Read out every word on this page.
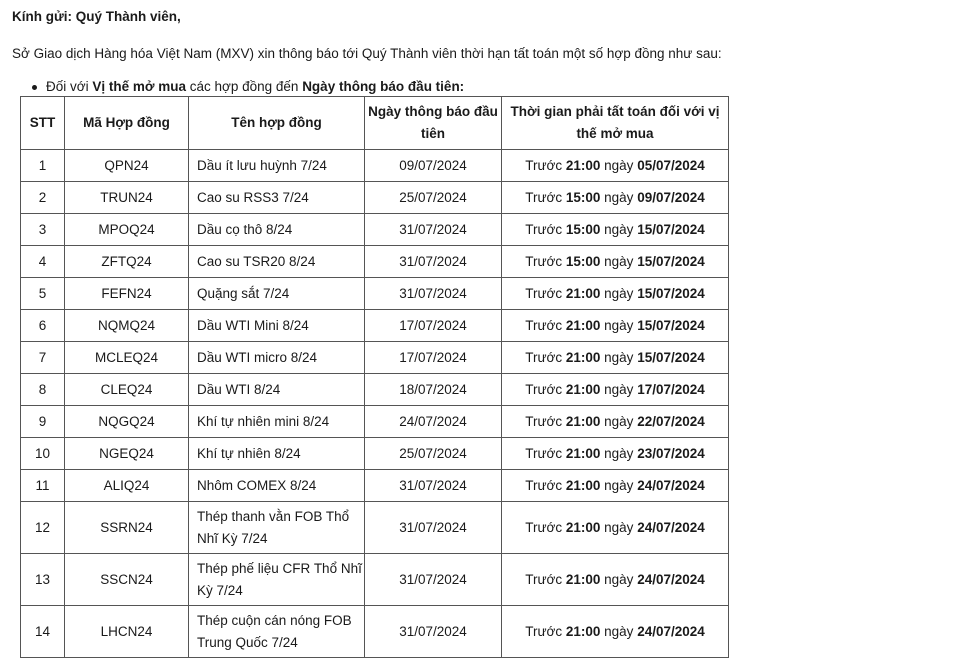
Kính gửi: Quý Thành viên,

Sở Giao dịch Hàng hóa Việt Nam (MXV) xin thông báo tới Quý Thành viên thời hạn tất toán một số hợp đồng như sau:

Đối với Vị thế mở mua các hợp đồng đến Ngày thông báo đầu tiên:
STT	Mã Hợp đồng	Tên hợp đồng	Ngày thông báo đầu tiên	Thời gian phải tất toán đối với vị thế mở mua
1	QPN24	Dầu ít lưu huỳnh 7/24	09/07/2024	Trước 21:00 ngày 05/07/2024
2	TRUN24	Cao su RSS3 7/24	25/07/2024	Trước 15:00 ngày 09/07/2024
3	MPOQ24	Dầu cọ thô 8/24	31/07/2024	Trước 15:00 ngày 15/07/2024
4	ZFTQ24	Cao su TSR20 8/24	31/07/2024	Trước 15:00 ngày 15/07/2024
5	FEFN24	Quặng sắt 7/24	31/07/2024	Trước 21:00 ngày 15/07/2024
6	NQMQ24	Dầu WTI Mini 8/24	17/07/2024	Trước 21:00 ngày 15/07/2024
7	MCLEQ24	Dầu WTI micro 8/24	17/07/2024	Trước 21:00 ngày 15/07/2024
8	CLEQ24	Dầu WTI 8/24	18/07/2024	Trước 21:00 ngày 17/07/2024
9	NQGQ24	Khí tự nhiên mini 8/24	24/07/2024	Trước 21:00 ngày 22/07/2024
10	NGEQ24	Khí tự nhiên 8/24	25/07/2024	Trước 21:00 ngày 23/07/2024
11	ALIQ24	Nhôm COMEX 8/24	31/07/2024	Trước 21:00 ngày 24/07/2024
12	SSRN24	Thép thanh vằn FOB Thổ Nhĩ Kỳ 7/24	31/07/2024	Trước 21:00 ngày 24/07/2024
13	SSCN24	Thép phế liệu CFR Thổ Nhĩ Kỳ 7/24	31/07/2024	Trước 21:00 ngày 24/07/2024
14	LHCN24	Thép cuộn cán nóng FOB Trung Quốc 7/24	31/07/2024	Trước 21:00 ngày 24/07/2024
